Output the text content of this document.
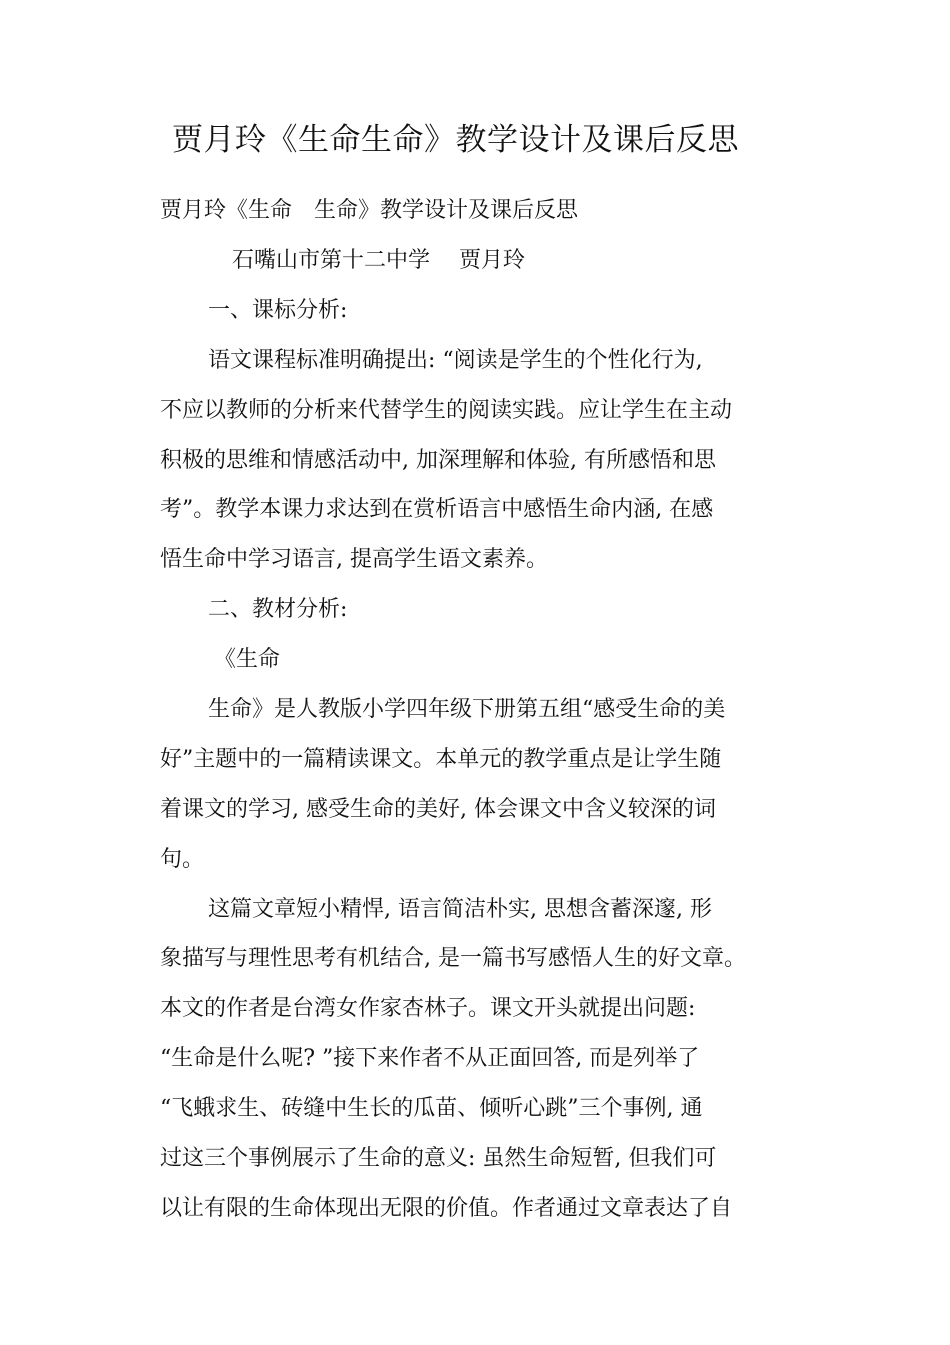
贾月玲《生命生命》教学设计及课后反思
贾月玲《生命　生命》教学设计及课后反思
石嘴山市第十二中学　 贾月玲
一、课标分析:
语文课程标准明确提出: “阅读是学生的个性化行为,
不应以教师的分析来代替学生的阅读实践。应让学生在主动
积极的思维和情感活动中, 加深理解和体验, 有所感悟和思
考”。教学本课力求达到在赏析语言中感悟生命内涵, 在感
悟生命中学习语言, 提高学生语文素养。
二、教材分析:
《生命
生命》是人教版小学四年级下册第五组“感受生命的美
好”主题中的一篇精读课文。本单元的教学重点是让学生随
着课文的学习, 感受生命的美好, 体会课文中含义较深的词
句。
这篇文章短小精悍, 语言简洁朴实, 思想含蓄深邃, 形
象描写与理性思考有机结合, 是一篇书写感悟人生的好文章。
本文的作者是台湾女作家杏林子。课文开头就提出问题:
“生命是什么呢? ”接下来作者不从正面回答, 而是列举了
“飞蛾求生、砖缝中生长的瓜苗、倾听心跳”三个事例, 通
过这三个事例展示了生命的意义: 虽然生命短暂, 但我们可
以让有限的生命体现出无限的价值。作者通过文章表达了自
